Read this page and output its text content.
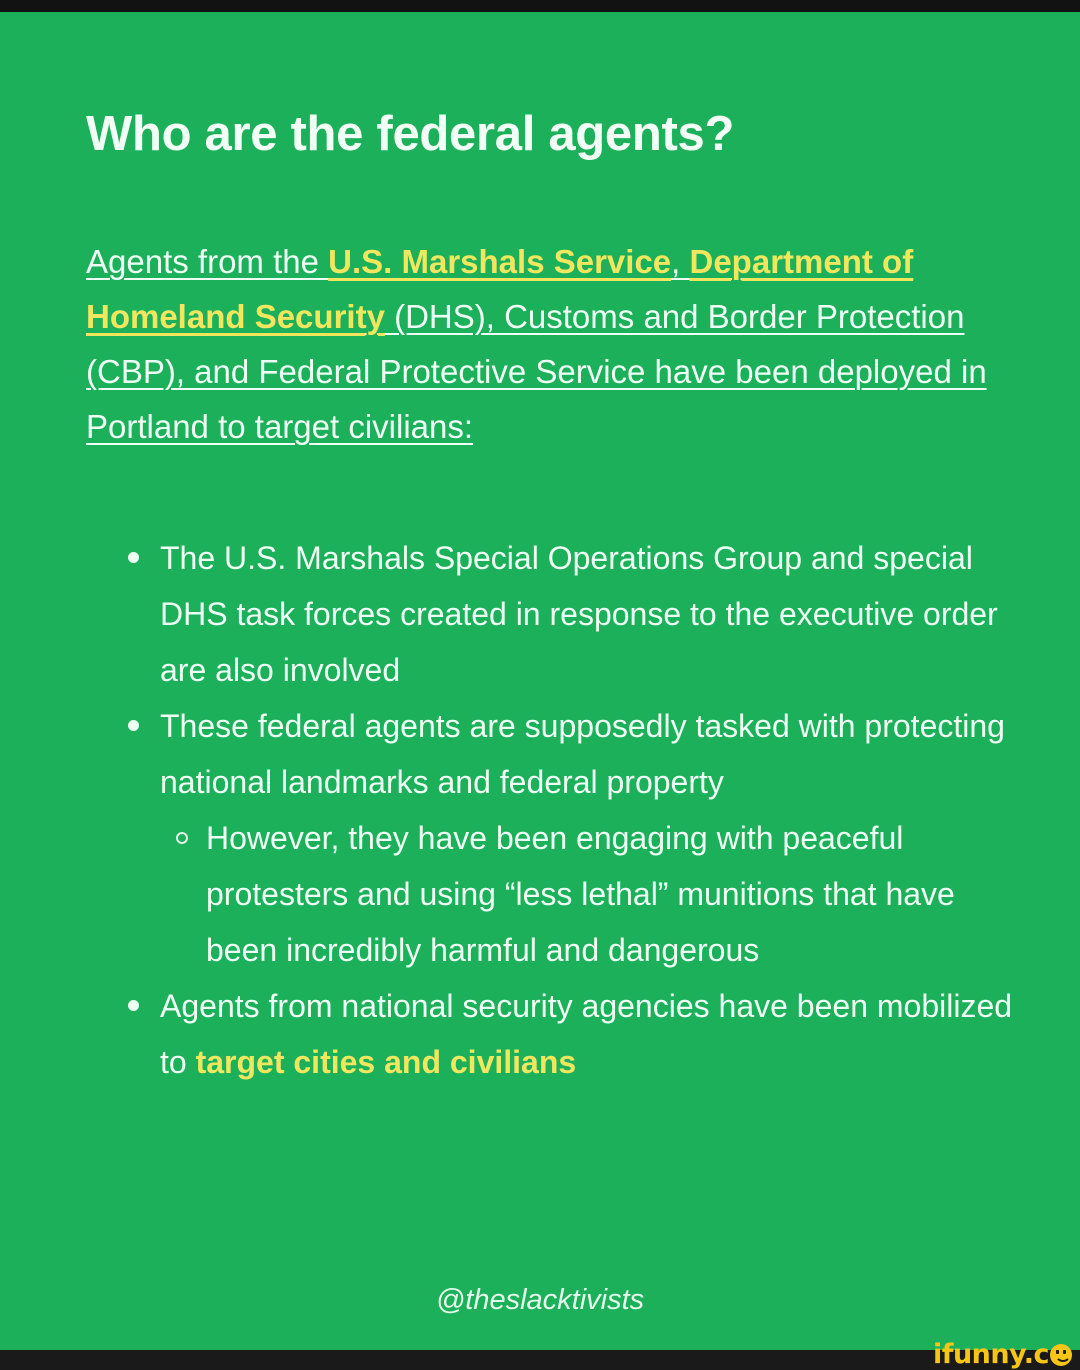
Who are the federal agents?
Agents from the U.S. Marshals Service, Department of Homeland Security (DHS), Customs and Border Protection (CBP), and Federal Protective Service have been deployed in Portland to target civilians:
The U.S. Marshals Special Operations Group and special DHS task forces created in response to the executive order are also involved
These federal agents are supposedly tasked with protecting national landmarks and federal property
However, they have been engaging with peaceful protesters and using “less lethal” munitions that have been incredibly harmful and dangerous
Agents from national security agencies have been mobilized to target cities and civilians
@theslacktivists
ifunny.c
